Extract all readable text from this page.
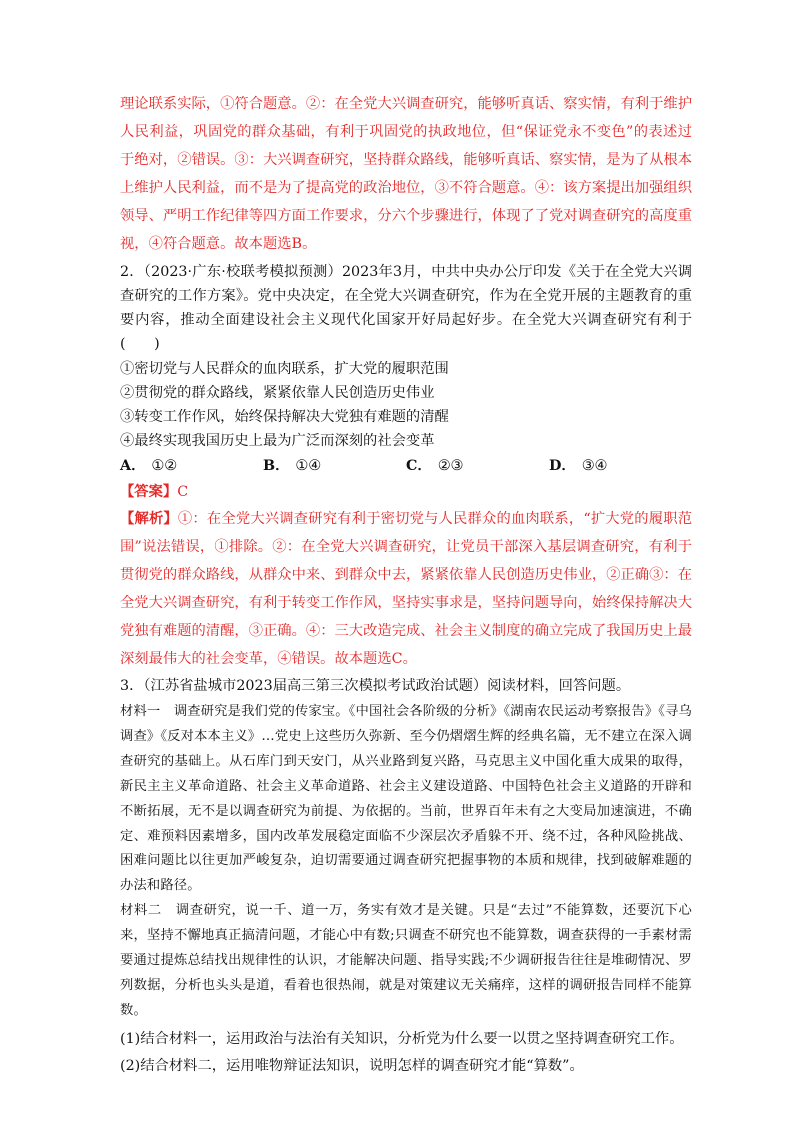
理论联系实际，①符合题意。②：在全党大兴调查研究，能够听真话、察实情，有利于维护人民利益，巩固党的群众基础，有利于巩固党的执政地位，但“保证党永不变色”的表述过于绝对，②错误。③：大兴调查研究，坚持群众路线，能够听真话、察实情，是为了从根本上维护人民利益，而不是为了提高党的政治地位，③不符合题意。④：该方案提出加强组织领导、严明工作纪律等四方面工作要求，分六个步骤进行，体现了了党对调查研究的高度重视，④符合题意。故本题选B。

2．（2023·广东·校联考模拟预测）2023年3月，中共中央办公厅印发《关于在全党大兴调查研究的工作方案》。党中央决定，在全党大兴调查研究，作为在全党开展的主题教育的重要内容，推动全面建设社会主义现代化国家开好局起好步。在全党大兴调查研究有利于(　　)

①密切党与人民群众的血肉联系，扩大党的履职范围

②贯彻党的群众路线，紧紧依靠人民创造历史伟业

③转变工作作风，始终保持解决大党独有难题的清醒

④最终实现我国历史上最为广泛而深刻的社会变革

A． ①②	B． ①④	C． ②③	D． ③④

【答案】C

【解析】①：在全党大兴调查研究有利于密切党与人民群众的血肉联系，“扩大党的履职范围”说法错误，①排除。②：在全党大兴调查研究，让党员干部深入基层调查研究，有利于贯彻党的群众路线，从群众中来、到群众中去，紧紧依靠人民创造历史伟业，②正确③：在全党大兴调查研究，有利于转变工作作风，坚持实事求是，坚持问题导向，始终保持解决大党独有难题的清醒，③正确。④：三大改造完成、社会主义制度的确立完成了我国历史上最深刻最伟大的社会变革，④错误。故本题选C。

3．（江苏省盐城市2023届高三第三次模拟考试政治试题）阅读材料，回答问题。

材料一　调查研究是我们党的传家宝。《中国社会各阶级的分析》《湖南农民运动考察报告》《寻乌调查》《反对本本主义》…党史上这些历久弥新、至今仍熠熠生辉的经典名篇，无不建立在深入调查研究的基础上。从石库门到天安门，从兴业路到复兴路，马克思主义中国化重大成果的取得，新民主主义革命道路、社会主义革命道路、社会主义建设道路、中国特色社会主义道路的开辟和不断拓展，无不是以调查研究为前提、为依据的。当前，世界百年未有之大变局加速演进，不确定、难预料因素增多，国内改革发展稳定面临不少深层次矛盾躲不开、绕不过，各种风险挑战、困难问题比以往更加严峻复杂，迫切需要通过调查研究把握事物的本质和规律，找到破解难题的办法和路径。

材料二　调查研究，说一千、道一万，务实有效才是关键。只是“去过”不能算数，还要沉下心来，坚持不懈地真正搞清问题，才能心中有数;只调查不研究也不能算数，调查获得的一手素材需要通过提炼总结找出规律性的认识，才能解决问题、指导实践;不少调研报告往往是堆砌情况、罗列数据，分析也头头是道，看着也很热闹，就是对策建议无关痛痒，这样的调研报告同样不能算数。

(1)结合材料一，运用政治与法治有关知识，分析党为什么要一以贯之坚持调查研究工作。

(2)结合材料二，运用唯物辩证法知识，说明怎样的调查研究才能“算数”。
